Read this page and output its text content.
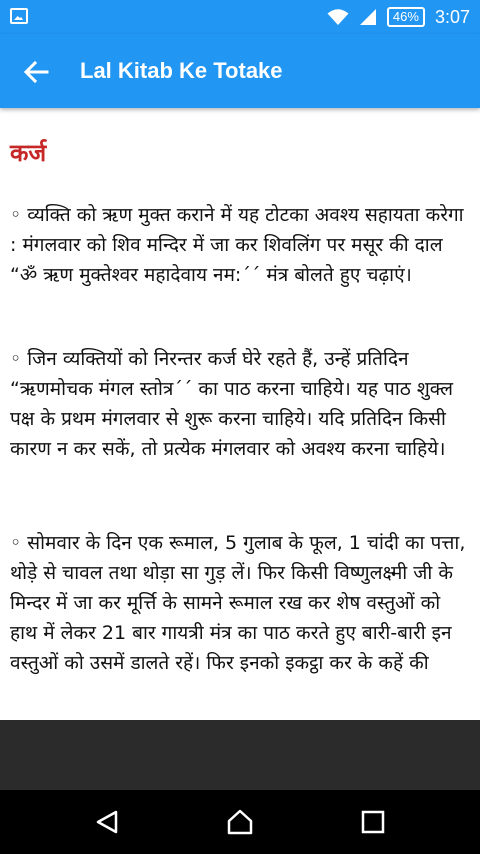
46% 3:07
Lal Kitab Ke Totake
कर्ज

◦ व्यक्ति को ऋण मुक्त कराने में यह टोटका अवश्य सहायता करेगा : मंगलवार को शिव मन्दिर में जा कर शिवलिंग पर मसूर की दाल “ॐ ऋण मुक्तेश्वर महादेवाय नम:´´ मंत्र बोलते हुए चढ़ाएं।

◦ जिन व्यक्तियों को निरन्तर कर्ज घेरे रहते हैं, उन्हें प्रतिदिन “ऋणमोचक मंगल स्तोत्र´´ का पाठ करना चाहिये। यह पाठ शुक्ल पक्ष के प्रथम मंगलवार से शुरू करना चाहिये। यदि प्रतिदिन किसी कारण न कर सकें, तो प्रत्येक मंगलवार को अवश्य करना चाहिये।

◦ सोमवार के दिन एक रूमाल, 5 गुलाब के फूल, 1 चांदी का पत्ता, थोड़े से चावल तथा थोड़ा सा गुड़ लें। फिर किसी विष्णुलक्ष्मी जी के मिन्दर में जा कर मूर्त्ति के सामने रूमाल रख कर शेष वस्तुओं को हाथ में लेकर 21 बार गायत्री मंत्र का पाठ करते हुए बारी-बारी इन वस्तुओं को उसमें डालते रहें। फिर इनको इकट्ठा कर के कहें की
